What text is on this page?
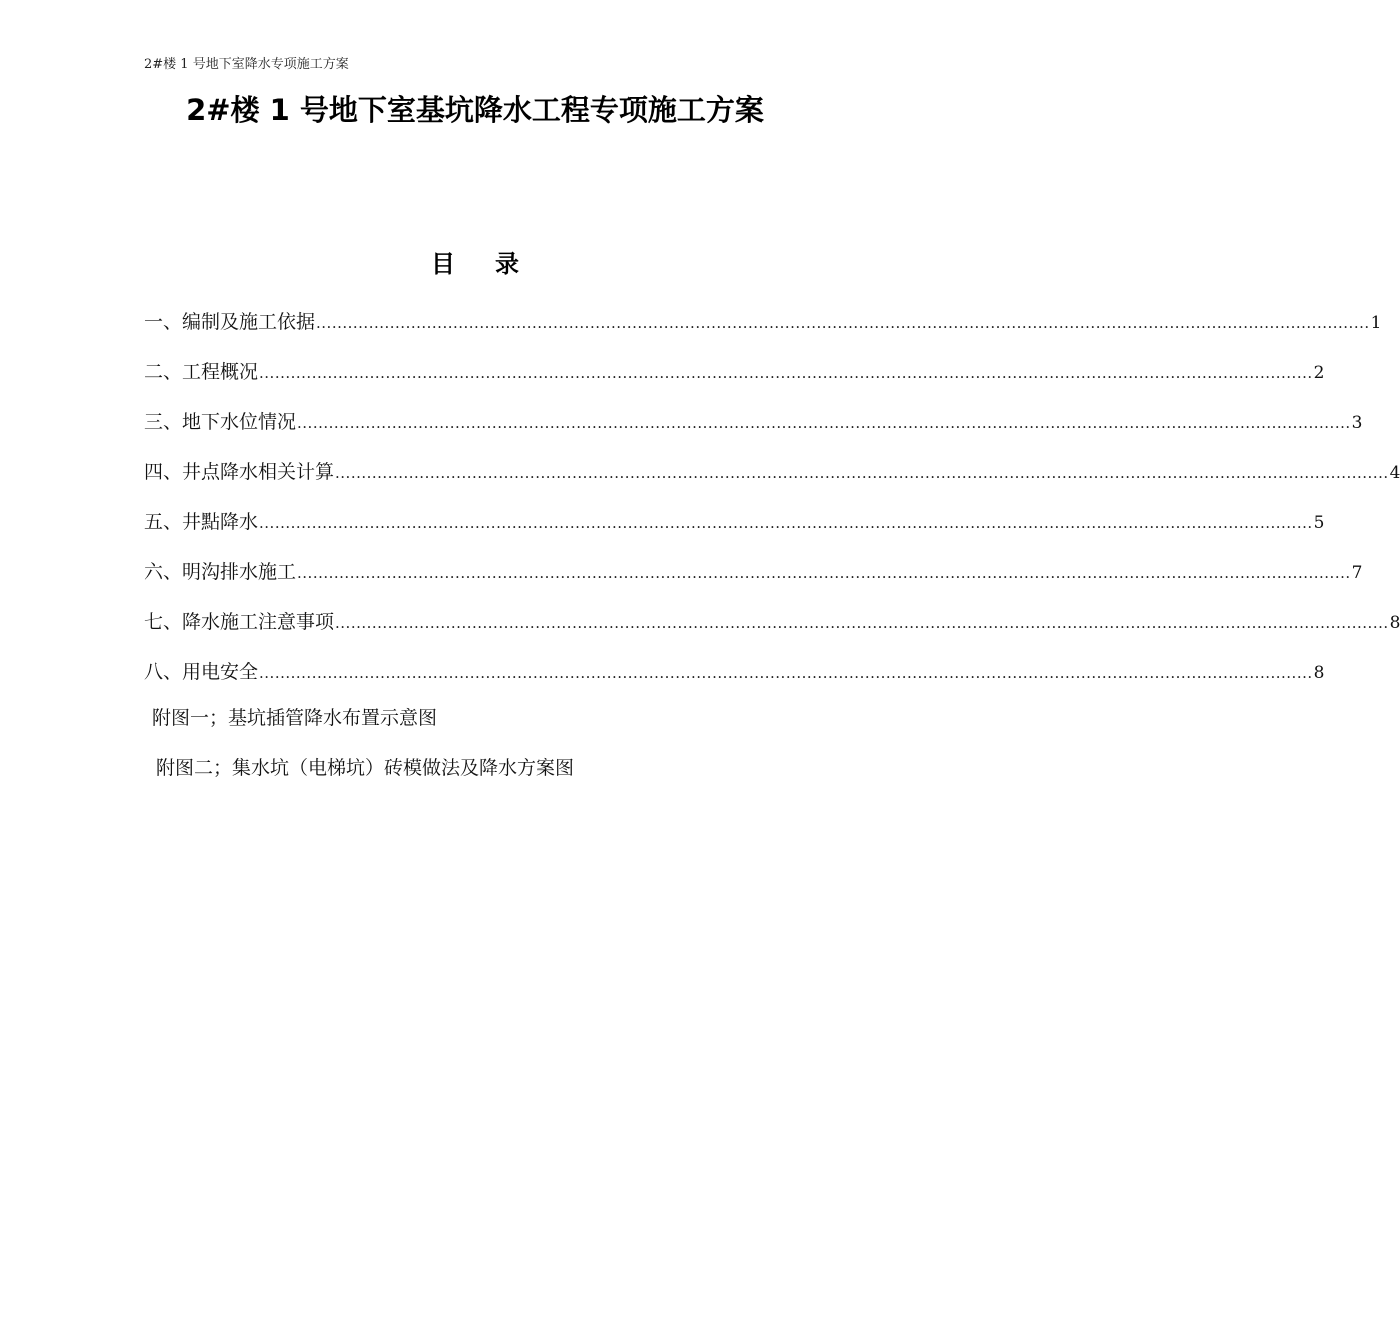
2#楼 1 号地下室降水专项施工方案
2#楼 1 号地下室基坑降水工程专项施工方案
目录
一、编制及施工依据 ........................................................................................................................................................................................................ 1
二、工程概况 ........................................................................................................................................................................................................ 2
三、地下水位情况 ........................................................................................................................................................................................................ 3
四、井点降水相关计算 ........................................................................................................................................................................................................ 4
五、井點降水 ........................................................................................................................................................................................................ 5
六、明沟排水施工 ........................................................................................................................................................................................................ 7
七、降水施工注意事项 ........................................................................................................................................................................................................ 8
八、用电安全 ........................................................................................................................................................................................................ 8
附图一；基坑插管降水布置示意图
附图二；集水坑（电梯坑）砖模做法及降水方案图
